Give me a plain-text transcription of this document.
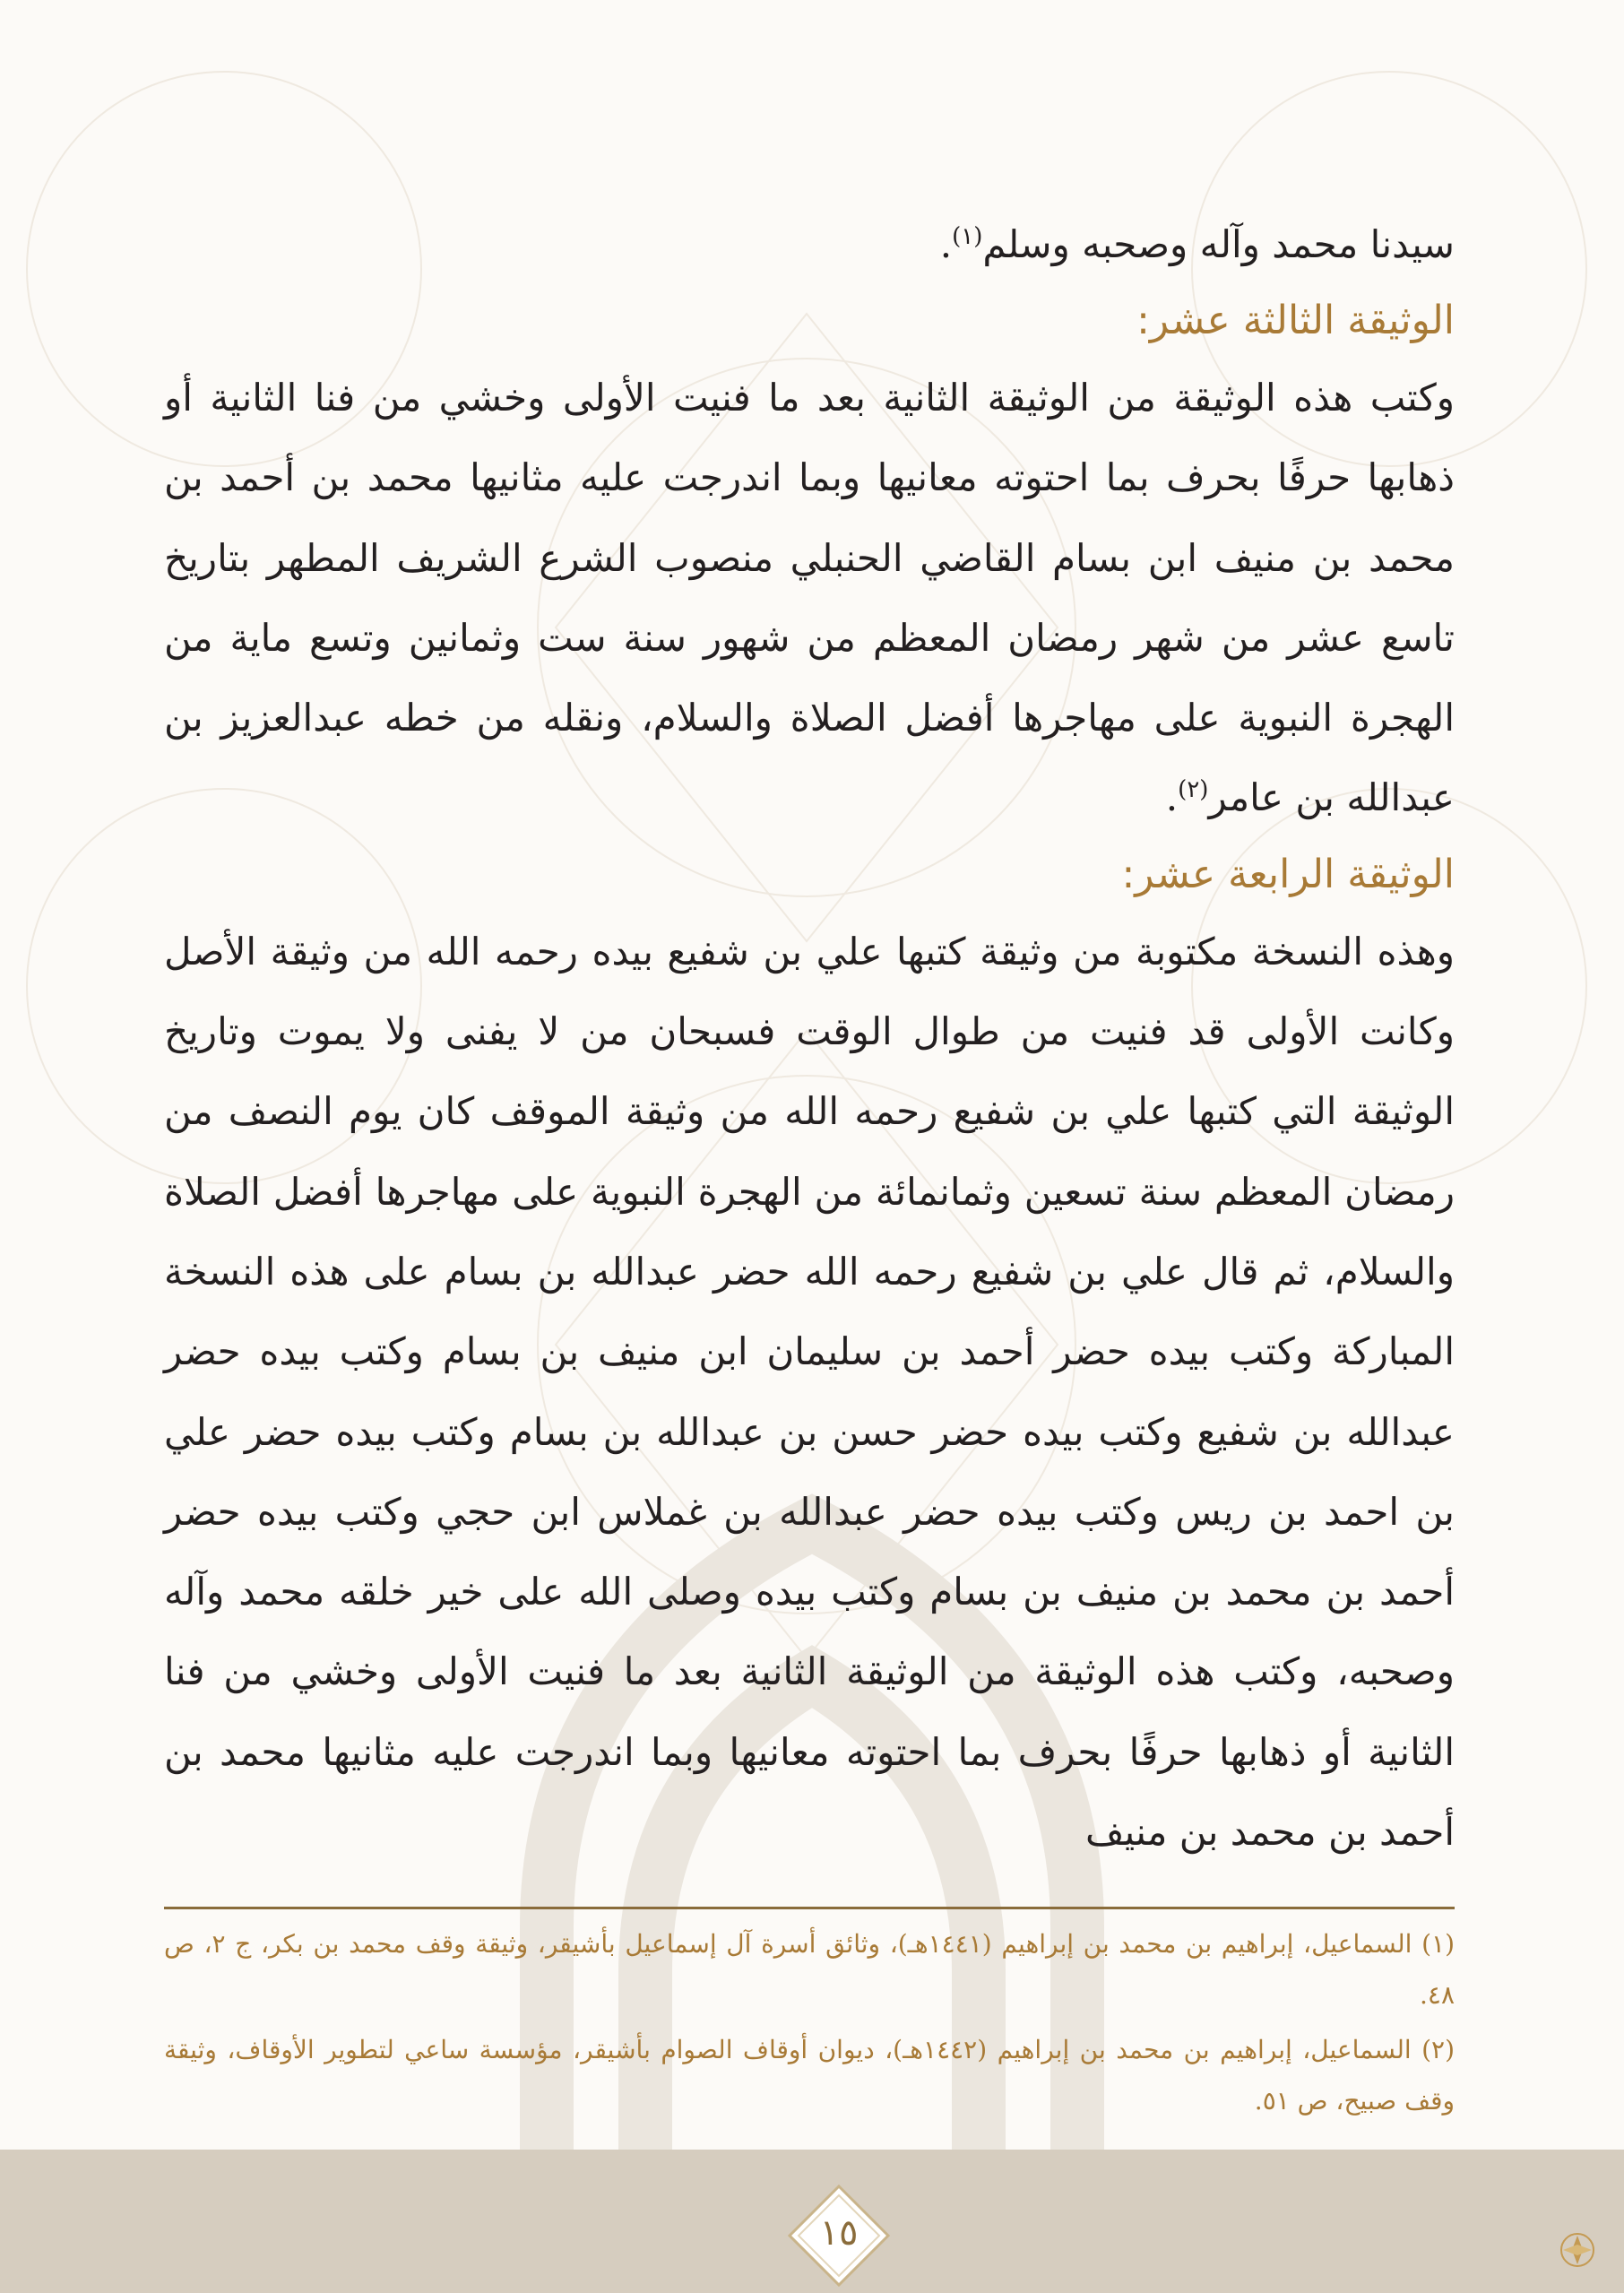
سيدنا محمد وآله وصحبه وسلم$^{(١)}$.

الوثيقة الثالثة عشر:

وكتب هذه الوثيقة من الوثيقة الثانية بعد ما فنيت الأولى وخشي من فنا الثانية أو ذهابها حرفًا بحرف بما احتوته معانيها وبما اندرجت عليه مثانيها محمد بن أحمد بن محمد بن منيف ابن بسام القاضي الحنبلي منصوب الشرع الشريف المطهر بتاريخ تاسع عشر من شهر رمضان المعظم من شهور سنة ست وثمانين وتسع ماية من الهجرة النبوية على مهاجرها أفضل الصلاة والسلام، ونقله من خطه عبدالعزيز بن عبدالله بن عامر$^{(٢)}$.

الوثيقة الرابعة عشر:

وهذه النسخة مكتوبة من وثيقة كتبها علي بن شفيع بيده رحمه الله من وثيقة الأصل وكانت الأولى قد فنيت من طوال الوقت فسبحان من لا يفنى ولا يموت وتاريخ الوثيقة التي كتبها علي بن شفيع رحمه الله من وثيقة الموقف كان يوم النصف من رمضان المعظم سنة تسعين وثمانمائة من الهجرة النبوية على مهاجرها أفضل الصلاة والسلام، ثم قال علي بن شفيع رحمه الله حضر عبدالله بن بسام على هذه النسخة المباركة وكتب بيده حضر أحمد بن سليمان ابن منيف بن بسام وكتب بيده حضر عبدالله بن شفيع وكتب بيده حضر حسن بن عبدالله بن بسام وكتب بيده حضر علي بن احمد بن ريس وكتب بيده حضر عبدالله بن غملاس ابن حجي وكتب بيده حضر أحمد بن محمد بن منيف بن بسام وكتب بيده وصلى الله على خير خلقه محمد وآله وصحبه، وكتب هذه الوثيقة من الوثيقة الثانية بعد ما فنيت الأولى وخشي من فنا الثانية أو ذهابها حرفًا بحرف بما احتوته معانيها وبما اندرجت عليه مثانيها محمد بن أحمد بن محمد بن منيف

(١) السماعيل، إبراهيم بن محمد بن إبراهيم (١٤٤١هـ)، وثائق أسرة آل إسماعيل بأشيقر، وثيقة وقف محمد بن بكر، ج ٢، ص ٤٨.

(٢) السماعيل، إبراهيم بن محمد بن إبراهيم (١٤٤٢هـ)، ديوان أوقاف الصوام بأشيقر، مؤسسة ساعي لتطوير الأوقاف، وثيقة وقف صبيح، ص ٥١.

١٥
